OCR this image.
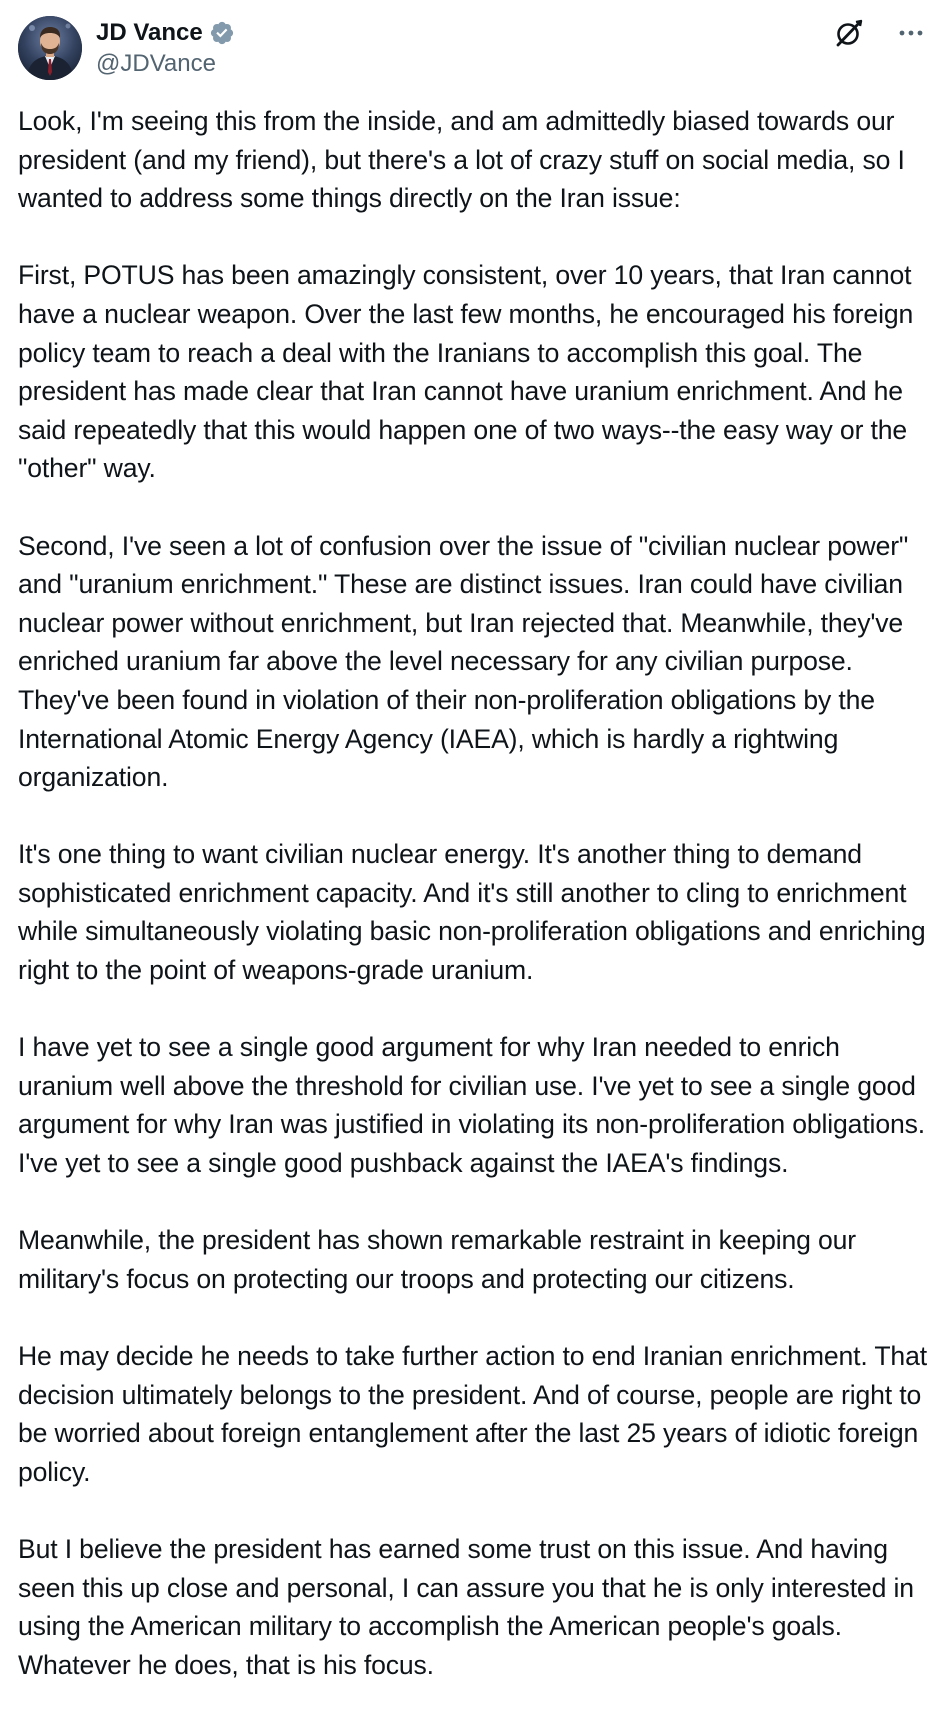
JD Vance
@JDVance

Look, I'm seeing this from the inside, and am admittedly biased towards our president (and my friend), but there's a lot of crazy stuff on social media, so I wanted to address some things directly on the Iran issue:

First, POTUS has been amazingly consistent, over 10 years, that Iran cannot have a nuclear weapon. Over the last few months, he encouraged his foreign policy team to reach a deal with the Iranians to accomplish this goal. The president has made clear that Iran cannot have uranium enrichment. And he said repeatedly that this would happen one of two ways--the easy way or the "other" way.

Second, I've seen a lot of confusion over the issue of "civilian nuclear power" and "uranium enrichment." These are distinct issues. Iran could have civilian nuclear power without enrichment, but Iran rejected that. Meanwhile, they've enriched uranium far above the level necessary for any civilian purpose. They've been found in violation of their non-proliferation obligations by the International Atomic Energy Agency (IAEA), which is hardly a rightwing organization.

It's one thing to want civilian nuclear energy. It's another thing to demand sophisticated enrichment capacity. And it's still another to cling to enrichment while simultaneously violating basic non-proliferation obligations and enriching right to the point of weapons-grade uranium.

I have yet to see a single good argument for why Iran needed to enrich uranium well above the threshold for civilian use. I've yet to see a single good argument for why Iran was justified in violating its non-proliferation obligations. I've yet to see a single good pushback against the IAEA's findings.

Meanwhile, the president has shown remarkable restraint in keeping our military's focus on protecting our troops and protecting our citizens.

He may decide he needs to take further action to end Iranian enrichment. That decision ultimately belongs to the president. And of course, people are right to be worried about foreign entanglement after the last 25 years of idiotic foreign policy.

But I believe the president has earned some trust on this issue. And having seen this up close and personal, I can assure you that he is only interested in using the American military to accomplish the American people's goals. Whatever he does, that is his focus.
